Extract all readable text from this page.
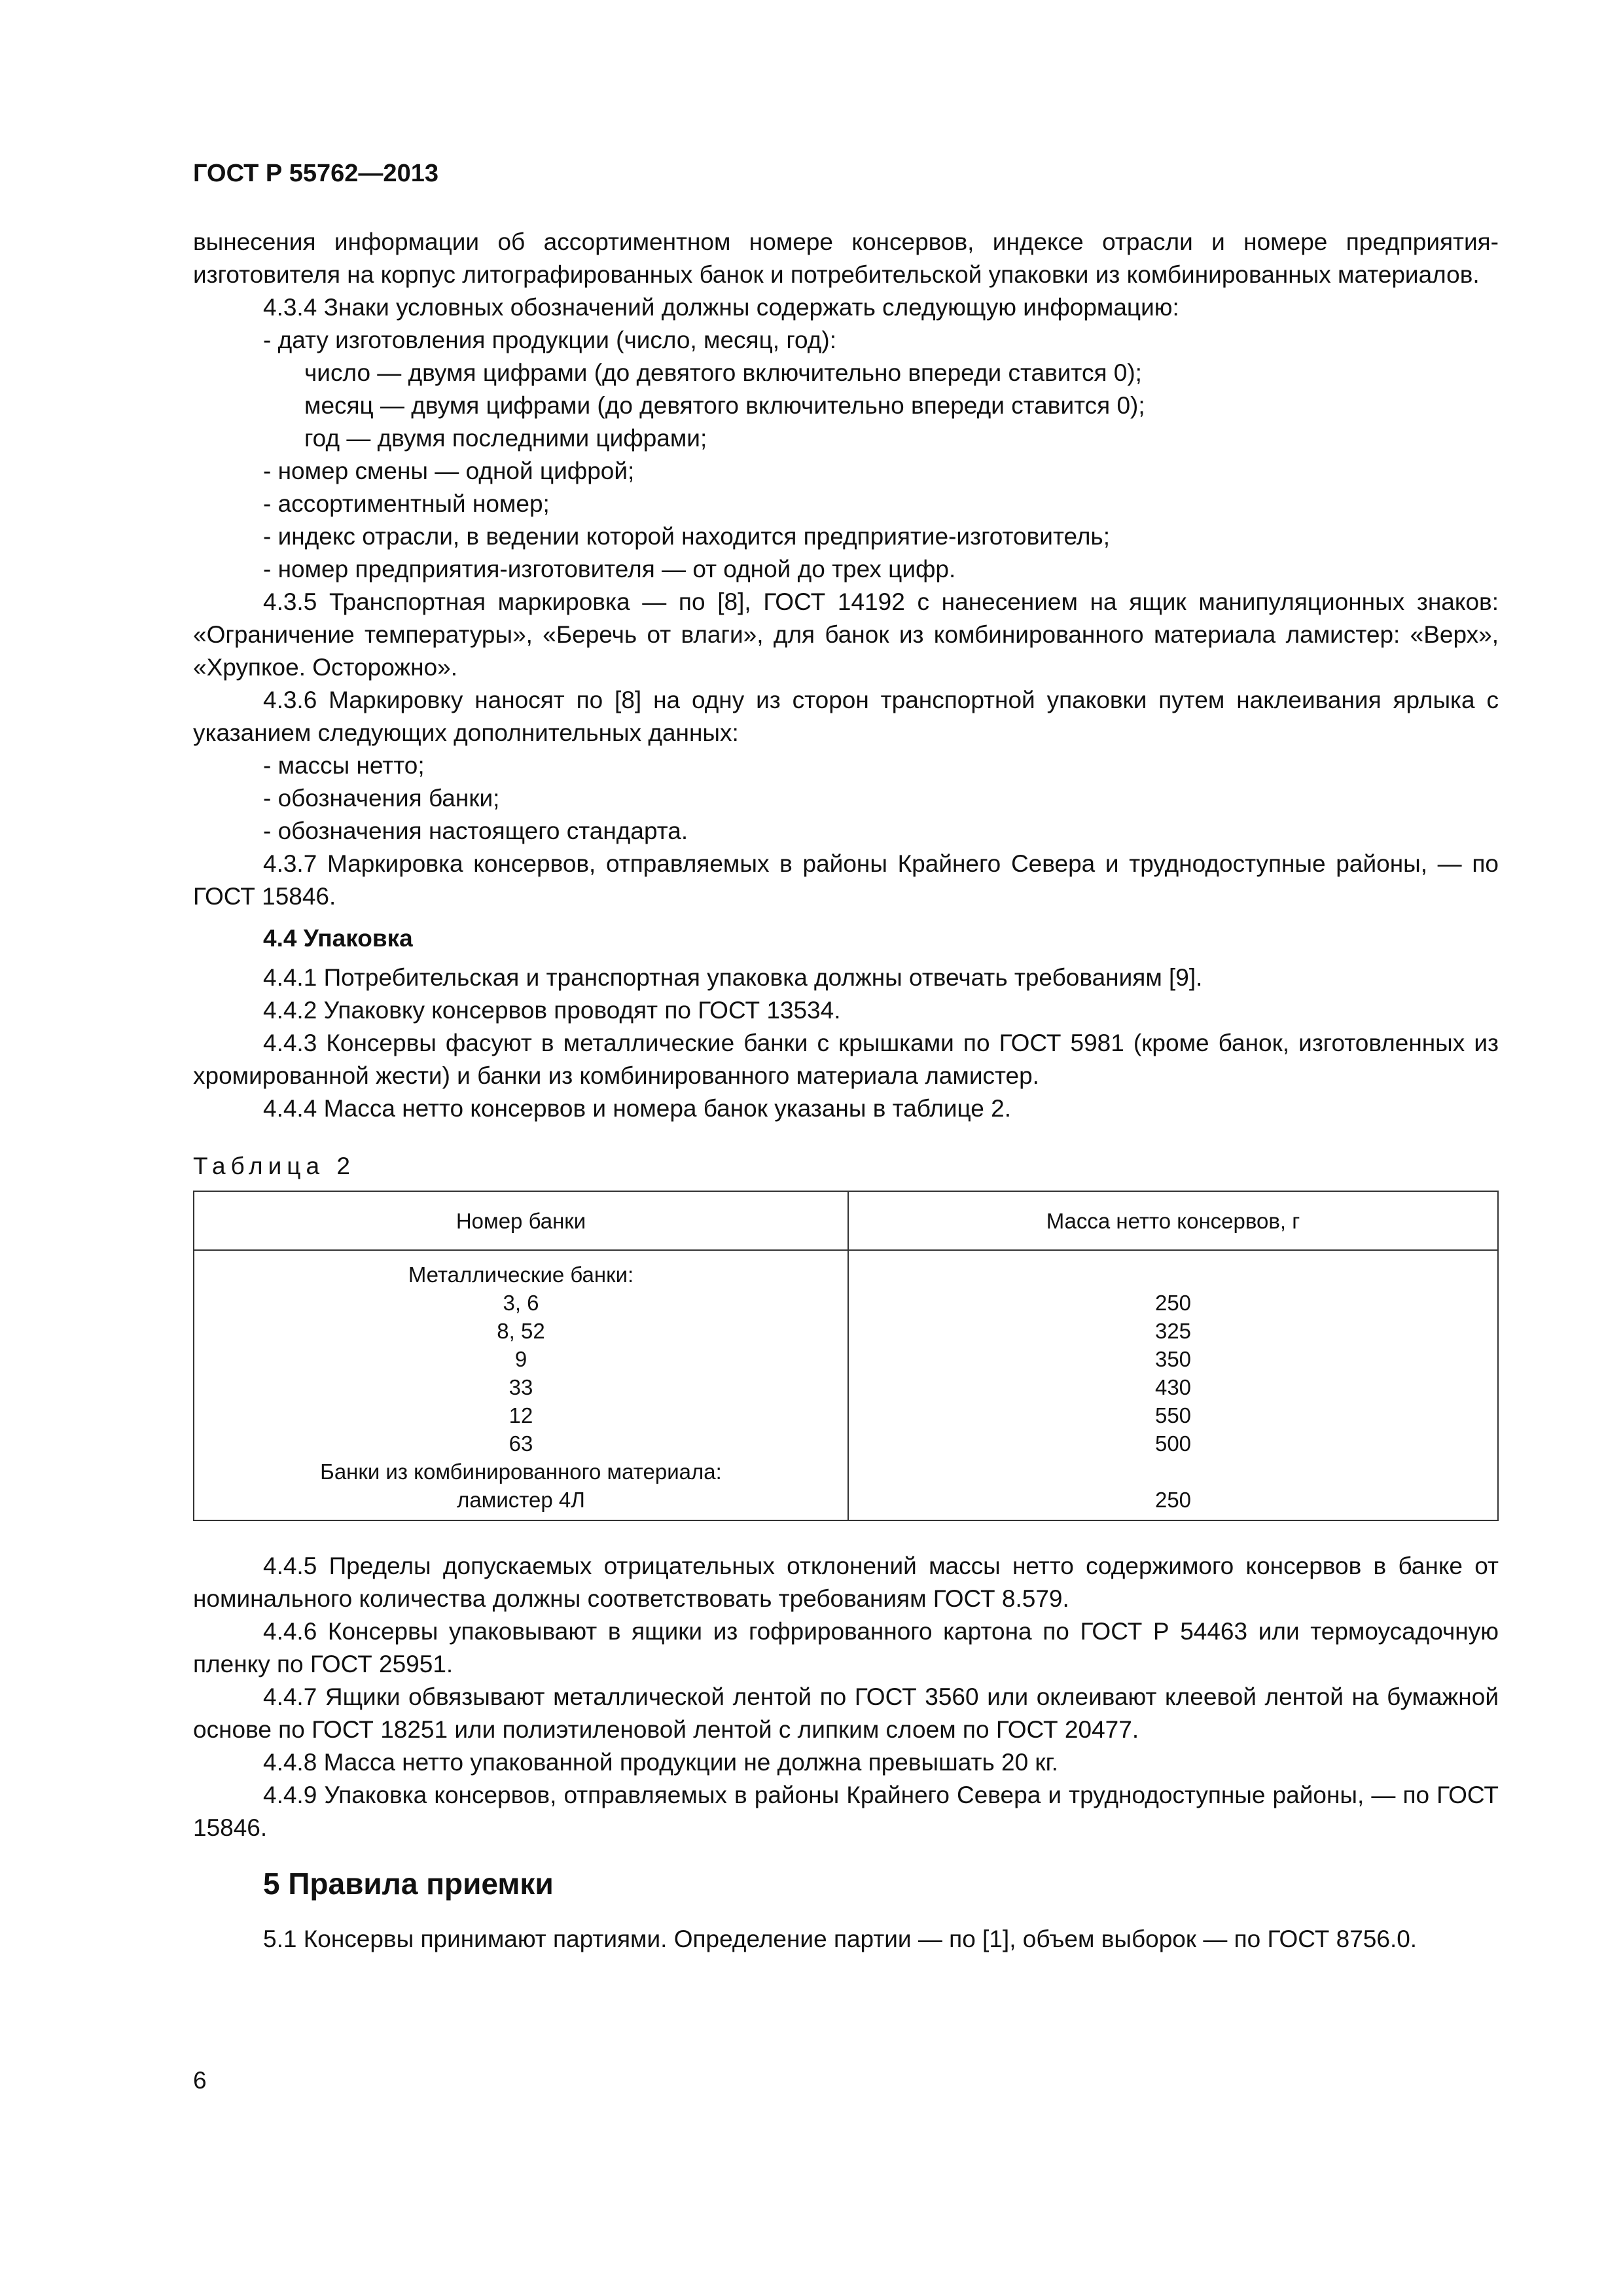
ГОСТ Р 55762—2013

вынесения информации об ассортиментном номере консервов, индексе отрасли и номере предприятия-изготовителя на корпус литографированных банок и потребительской упаковки из комбинированных материалов.

4.3.4 Знаки условных обозначений должны содержать следующую информацию:

- дату изготовления продукции (число, месяц, год):

число — двумя цифрами (до девятого включительно впереди ставится 0);

месяц — двумя цифрами (до девятого включительно впереди ставится 0);

год — двумя последними цифрами;

- номер смены — одной цифрой;

- ассортиментный номер;

- индекс отрасли, в ведении которой находится предприятие-изготовитель;

- номер предприятия-изготовителя — от одной до трех цифр.

4.3.5 Транспортная маркировка — по [8], ГОСТ 14192 с нанесением на ящик манипуляционных знаков: «Ограничение температуры», «Беречь от влаги», для банок из комбинированного материала ламистер: «Верх», «Хрупкое. Осторожно».

4.3.6 Маркировку наносят по [8] на одну из сторон транспортной упаковки путем наклеивания ярлыка с указанием следующих дополнительных данных:

- массы нетто;

- обозначения банки;

- обозначения настоящего стандарта.

4.3.7 Маркировка консервов, отправляемых в районы Крайнего Севера и труднодоступные районы, — по ГОСТ 15846.

4.4 Упаковка

4.4.1 Потребительская и транспортная упаковка должны отвечать требованиям [9].

4.4.2 Упаковку консервов проводят по ГОСТ 13534.

4.4.3 Консервы фасуют в металлические банки с крышками по ГОСТ 5981 (кроме банок, изготовленных из хромированной жести) и банки из комбинированного материала ламистер.

4.4.4 Масса нетто консервов и номера банок указаны в таблице 2.

Таблица 2

Номер банки	Масса нетто консервов, г
Металлические банки:	
3, 6	250
8, 52	325
9	350
33	430
12	550
63	500
Банки из комбинированного материала:	
ламистер 4Л	250

4.4.5 Пределы допускаемых отрицательных отклонений массы нетто содержимого консервов в банке от номинального количества должны соответствовать требованиям ГОСТ 8.579.

4.4.6 Консервы упаковывают в ящики из гофрированного картона по ГОСТ Р 54463 или термоусадочную пленку по ГОСТ 25951.

4.4.7 Ящики обвязывают металлической лентой по ГОСТ 3560 или оклеивают клеевой лентой на бумажной основе по ГОСТ 18251 или полиэтиленовой лентой с липким слоем по ГОСТ 20477.

4.4.8 Масса нетто упакованной продукции не должна превышать 20 кг.

4.4.9 Упаковка консервов, отправляемых в районы Крайнего Севера и труднодоступные районы, — по ГОСТ 15846.

5 Правила приемки

5.1 Консервы принимают партиями. Определение партии — по [1], объем выборок — по ГОСТ 8756.0.

6
